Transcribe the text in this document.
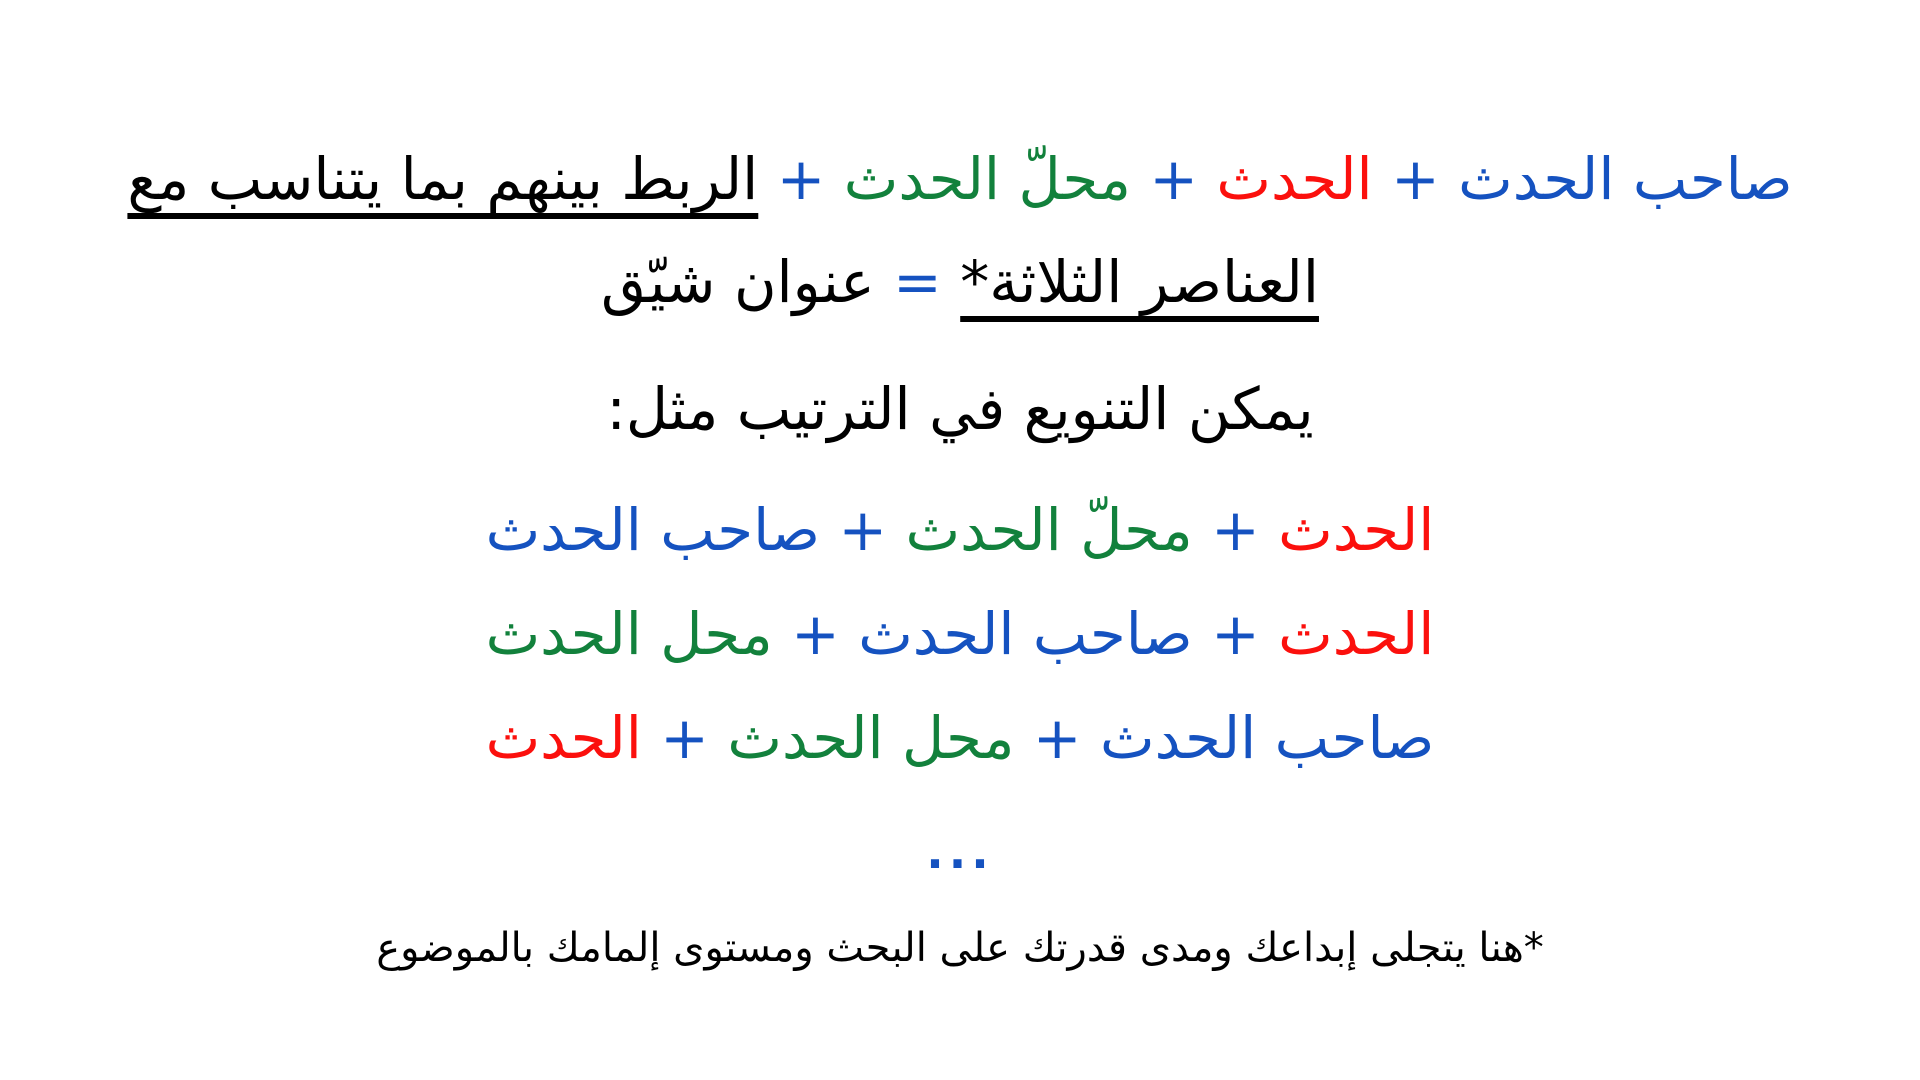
صاحب الحدث + الحدث + محلّ الحدث + الربط بينهم بما يتناسب مع
العناصر الثلاثة* = عنوان شيّق
يمكن التنويع في الترتيب مثل:
الحدث + محلّ الحدث + صاحب الحدث
الحدث + صاحب الحدث + محل الحدث
صاحب الحدث + محل الحدث + الحدث
...
*هنا يتجلى إبداعك ومدى قدرتك على البحث ومستوى إلمامك بالموضوع
